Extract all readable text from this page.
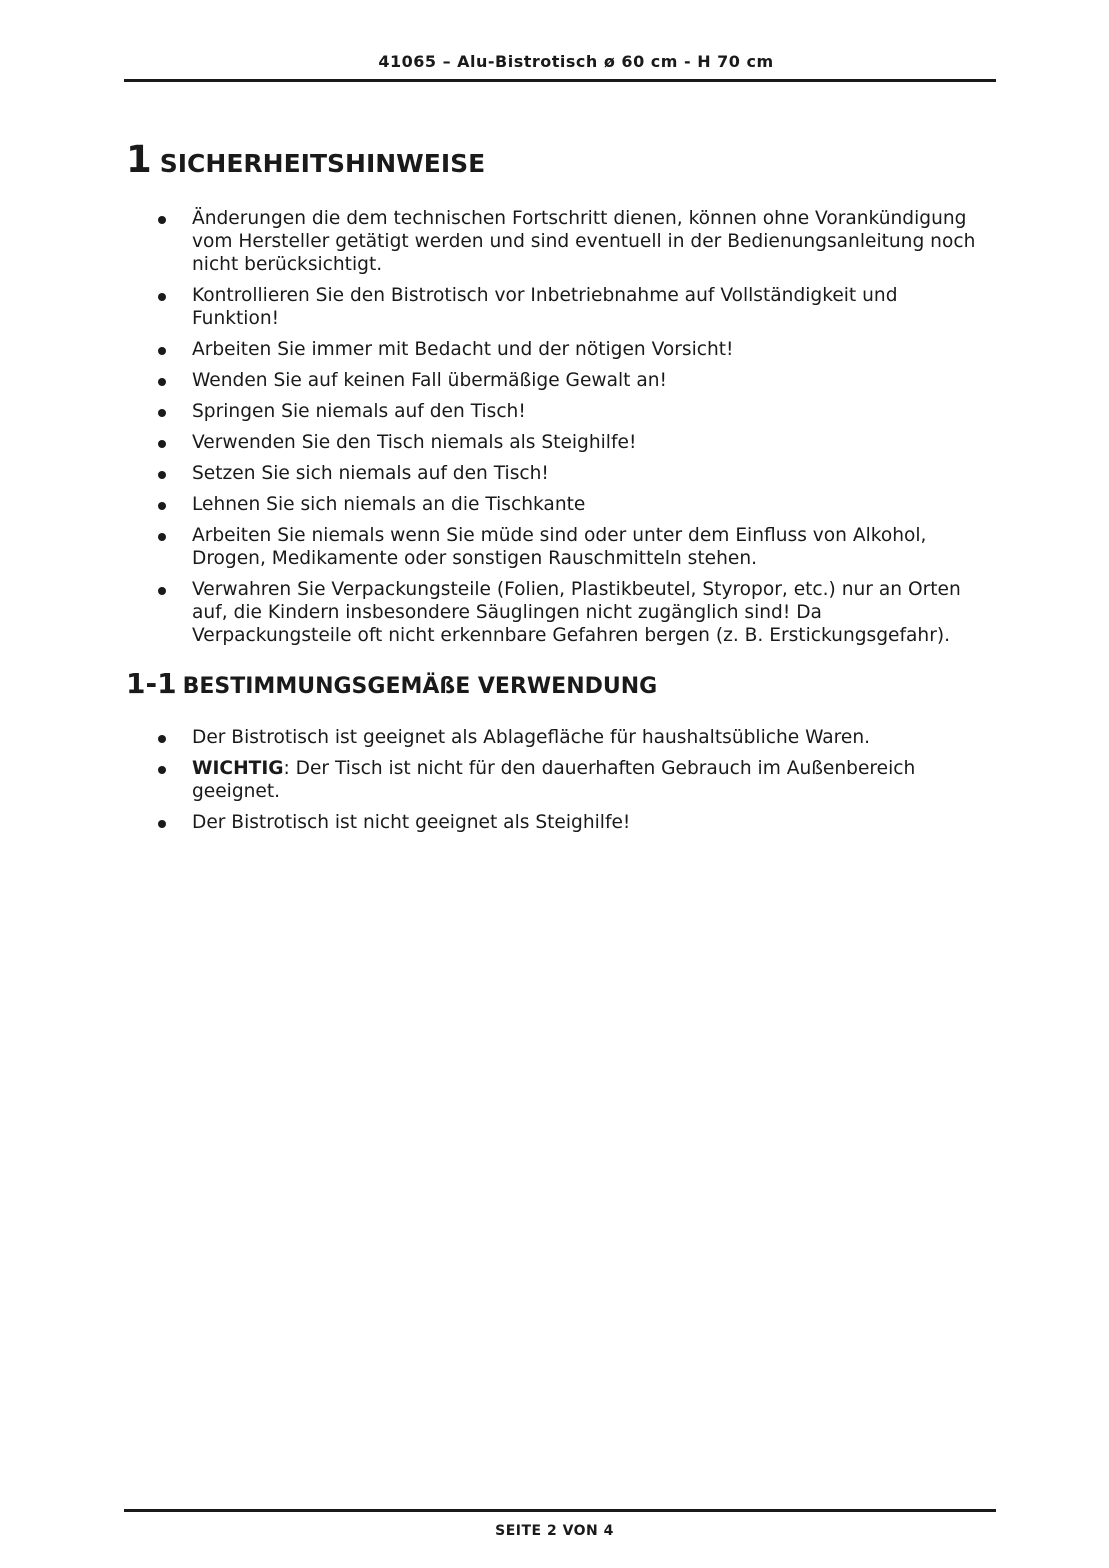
41065 – Alu-Bistrotisch ø 60 cm - H 70 cm
1 SICHERHEITSHINWEISE
Änderungen die dem technischen Fortschritt dienen, können ohne Vorankündigung vom Hersteller getätigt werden und sind eventuell in der Bedienungsanleitung noch nicht berücksichtigt.
Kontrollieren Sie den Bistrotisch vor Inbetriebnahme auf Vollständigkeit und Funktion!
Arbeiten Sie immer mit Bedacht und der nötigen Vorsicht!
Wenden Sie auf keinen Fall übermäßige Gewalt an!
Springen Sie niemals auf den Tisch!
Verwenden Sie den Tisch niemals als Steighilfe!
Setzen Sie sich niemals auf den Tisch!
Lehnen Sie sich niemals an die Tischkante
Arbeiten Sie niemals wenn Sie müde sind oder unter dem Einfluss von Alkohol, Drogen, Medikamente oder sonstigen Rauschmitteln stehen.
Verwahren Sie Verpackungsteile (Folien, Plastikbeutel, Styropor, etc.) nur an Orten auf, die Kindern insbesondere Säuglingen nicht zugänglich sind! Da Verpackungsteile oft nicht erkennbare Gefahren bergen (z. B. Erstickungsgefahr).
1-1 BESTIMMUNGSGEMÄßE VERWENDUNG
Der Bistrotisch ist geeignet als Ablagefläche für haushaltsübliche Waren.
WICHTIG: Der Tisch ist nicht für den dauerhaften Gebrauch im Außenbereich geeignet.
Der Bistrotisch ist nicht geeignet als Steighilfe!
SEITE 2 VON 4
